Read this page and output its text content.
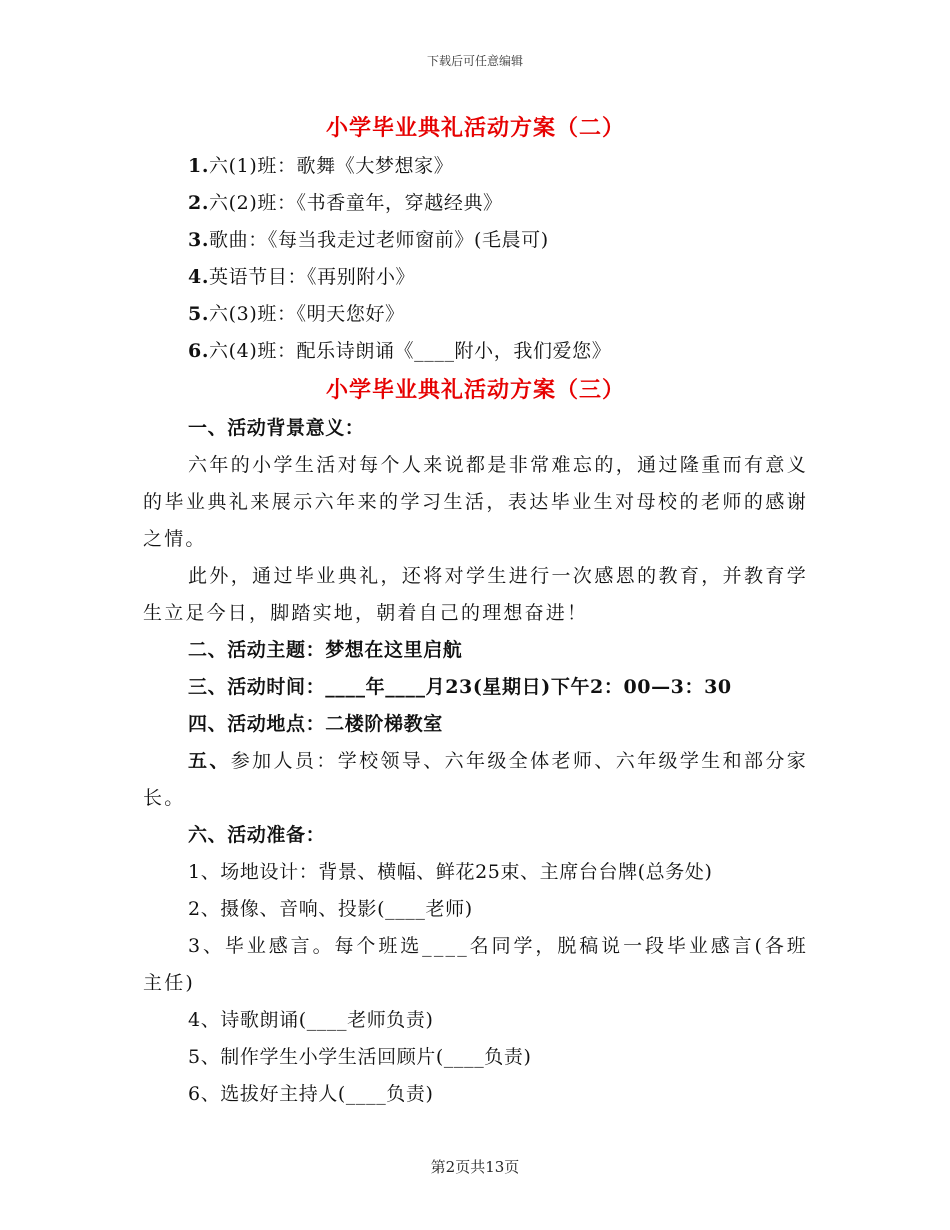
下载后可任意编辑
小学毕业典礼活动方案（二）
1.六(1)班：歌舞《大梦想家》
2.六(2)班：《书香童年，穿越经典》
3.歌曲：《每当我走过老师窗前》(毛晨可)
4.英语节目：《再别附小》
5.六(3)班：《明天您好》
6.六(4)班：配乐诗朗诵《____附小，我们爱您》
小学毕业典礼活动方案（三）
一、活动背景意义：
六年的小学生活对每个人来说都是非常难忘的，通过隆重而有意义的毕业典礼来展示六年来的学习生活，表达毕业生对母校的老师的感谢之情。
此外，通过毕业典礼，还将对学生进行一次感恩的教育，并教育学生立足今日，脚踏实地，朝着自己的理想奋进！
二、活动主题：梦想在这里启航
三、活动时间：____年____月23(星期日)下午2：00—3：30
四、活动地点：二楼阶梯教室
五、参加人员：学校领导、六年级全体老师、六年级学生和部分家长。
六、活动准备：
1、场地设计：背景、横幅、鲜花25束、主席台台牌(总务处)
2、摄像、音响、投影(____老师)
3、毕业感言。每个班选____名同学，脱稿说一段毕业感言(各班主任)
4、诗歌朗诵(____老师负责)
5、制作学生小学生活回顾片(____负责)
6、选拔好主持人(____负责)
第2页共13页
